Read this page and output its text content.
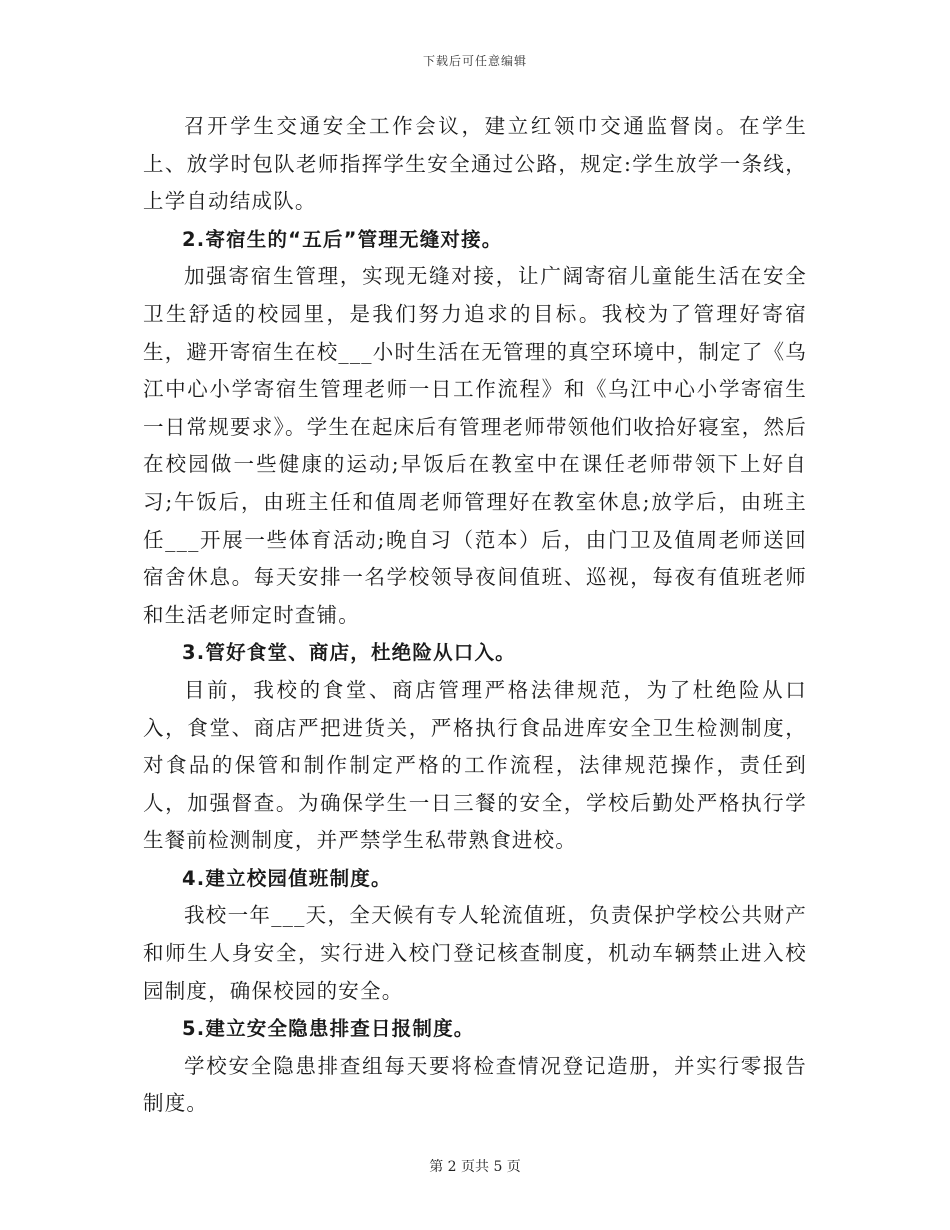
下载后可任意编辑

召开学生交通安全工作会议，建立红领巾交通监督岗。在学生上、放学时包队老师指挥学生安全通过公路，规定:学生放学一条线，上学自动结成队。

2.寄宿生的“五后”管理无缝对接。

加强寄宿生管理，实现无缝对接，让广阔寄宿儿童能生活在安全卫生舒适的校园里，是我们努力追求的目标。我校为了管理好寄宿生，避开寄宿生在校___小时生活在无管理的真空环境中，制定了《乌江中心小学寄宿生管理老师一日工作流程》和《乌江中心小学寄宿生一日常规要求》。学生在起床后有管理老师带领他们收拾好寝室，然后在校园做一些健康的运动;早饭后在教室中在课任老师带领下上好自习;午饭后，由班主任和值周老师管理好在教室休息;放学后，由班主任___开展一些体育活动;晚自习（范本）后，由门卫及值周老师送回宿舍休息。每天安排一名学校领导夜间值班、巡视，每夜有值班老师和生活老师定时查铺。

3.管好食堂、商店，杜绝险从口入。

目前，我校的食堂、商店管理严格法律规范，为了杜绝险从口入，食堂、商店严把进货关，严格执行食品进库安全卫生检测制度，对食品的保管和制作制定严格的工作流程，法律规范操作，责任到人，加强督查。为确保学生一日三餐的安全，学校后勤处严格执行学生餐前检测制度，并严禁学生私带熟食进校。

4.建立校园值班制度。

我校一年___天，全天候有专人轮流值班，负责保护学校公共财产和师生人身安全，实行进入校门登记核查制度，机动车辆禁止进入校园制度，确保校园的安全。

5.建立安全隐患排查日报制度。

学校安全隐患排查组每天要将检查情况登记造册，并实行零报告制度。

第 2 页共 5 页
